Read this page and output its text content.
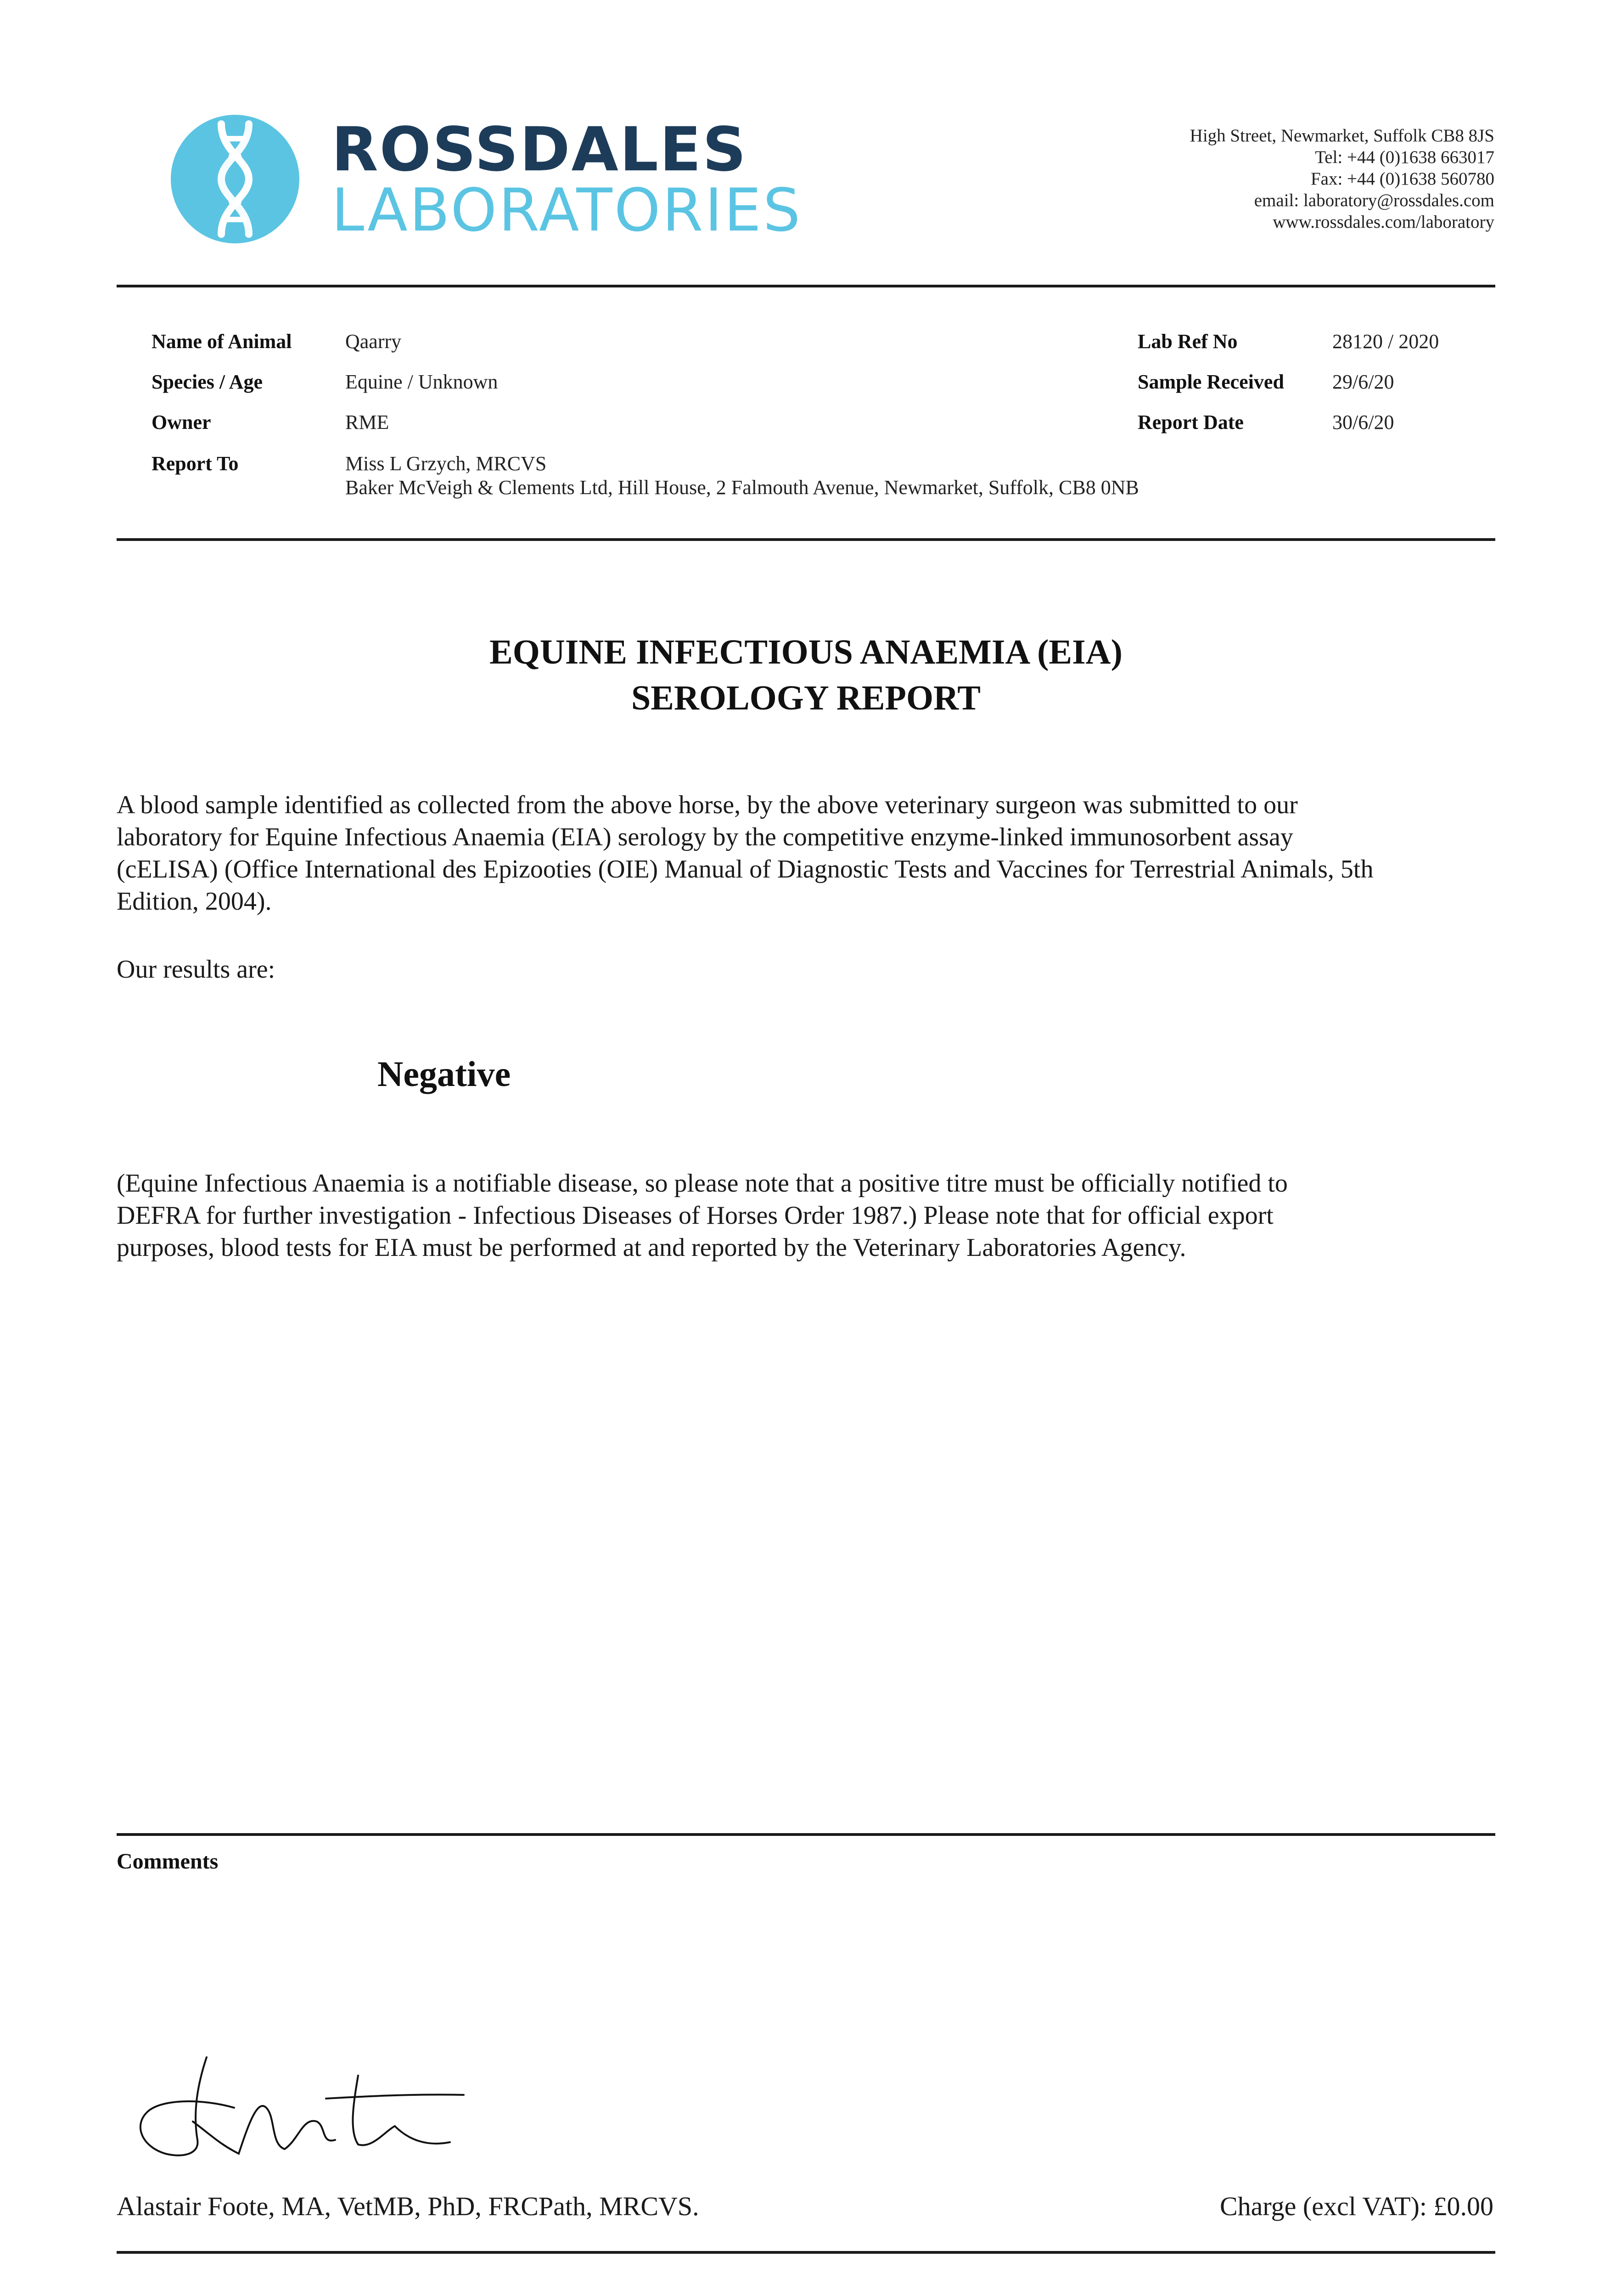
ROSSDALES
LABORATORIES
High Street, Newmarket, Suffolk CB8 8JS
Tel: +44 (0)1638 663017
Fax: +44 (0)1638 560780
email: laboratory@rossdales.com
www.rossdales.com/laboratory
Name of Animal	Qaarry
Species / Age	Equine / Unknown
Owner	RME
Report To	Miss L Grzych, MRCVS
Baker McVeigh & Clements Ltd, Hill House, 2 Falmouth Avenue, Newmarket, Suffolk, CB8 0NB
Lab Ref No	28120 / 2020
Sample Received 29/6/20
Report Date	30/6/20
EQUINE INFECTIOUS ANAEMIA (EIA)
SEROLOGY REPORT
A blood sample identified as collected from the above horse, by the above veterinary surgeon was submitted to our
laboratory for Equine Infectious Anaemia (EIA) serology by the competitive enzyme-linked immunosorbent assay
(cELISA) (Office International des Epizooties (OIE) Manual of Diagnostic Tests and Vaccines for Terrestrial Animals, 5th
Edition, 2004).
Our results are:
Negative
(Equine Infectious Anaemia is a notifiable disease, so please note that a positive titre must be officially notified to
DEFRA for further investigation - Infectious Diseases of Horses Order 1987.) Please note that for official export
purposes, blood tests for EIA must be performed at and reported by the Veterinary Laboratories Agency.
Comments
Alastair Foote, MA, VetMB, PhD, FRCPath, MRCVS.	Charge (excl VAT): £0.00
